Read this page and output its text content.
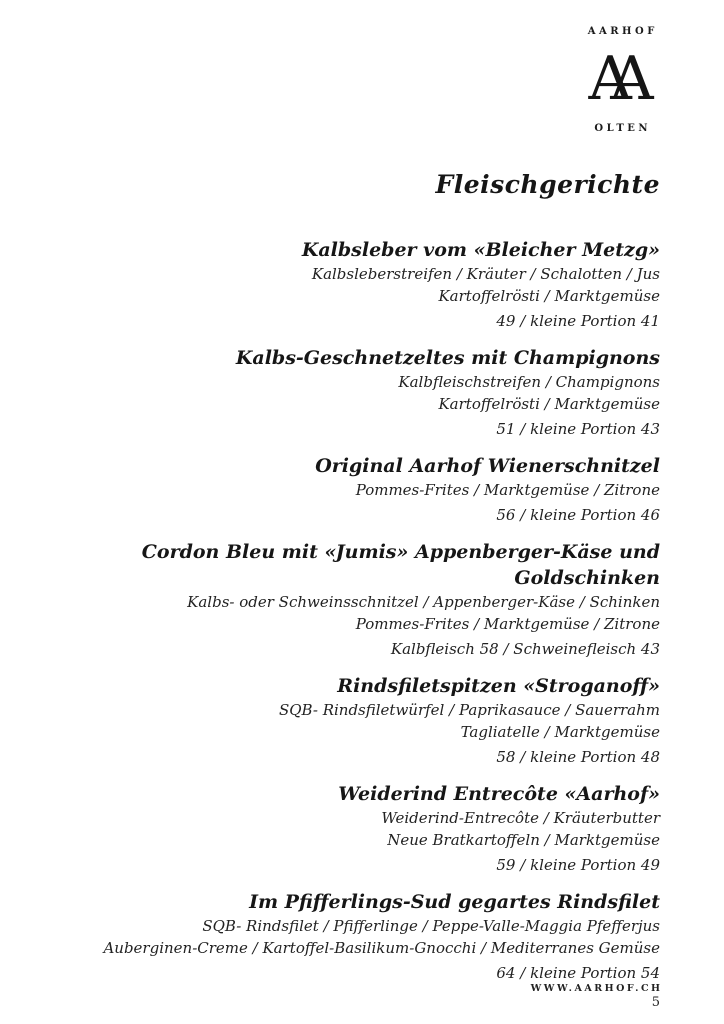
AARHOF
AA
OLTEN
Fleischgerichte
Kalbsleber vom «Bleicher Metzg»
Kalbsleberstreifen / Kräuter / Schalotten / Jus
Kartoffelrösti / Marktgemüse
49 / kleine Portion 41
Kalbs-Geschnetzeltes mit Champignons
Kalbfleischstreifen / Champignons
Kartoffelrösti / Marktgemüse
51 / kleine Portion 43
Original Aarhof Wienerschnitzel
Pommes-Frites / Marktgemüse / Zitrone
56 / kleine Portion 46
Cordon Bleu mit «Jumis» Appenberger-Käse und Goldschinken
Kalbs- oder Schweinsschnitzel / Appenberger-Käse / Schinken
Pommes-Frites / Marktgemüse / Zitrone
Kalbfleisch 58 / Schweinefleisch 43
Rindsfiletspitzen «Stroganoff»
SQB- Rindsfiletwürfel / Paprikasauce / Sauerrahm
Tagliatelle / Marktgemüse
58 / kleine Portion 48
Weiderind Entrecôte «Aarhof»
Weiderind-Entrecôte / Kräuterbutter
Neue Bratkartoffeln / Marktgemüse
59 / kleine Portion 49
Im Pfifferlings-Sud gegartes Rindsfilet
SQB- Rindsfilet / Pfifferlinge / Peppe-Valle-Maggia Pfefferjus
Auberginen-Creme / Kartoffel-Basilikum-Gnocchi / Mediterranes Gemüse
64 / kleine Portion 54
WWW.AARHOF.CH
5
